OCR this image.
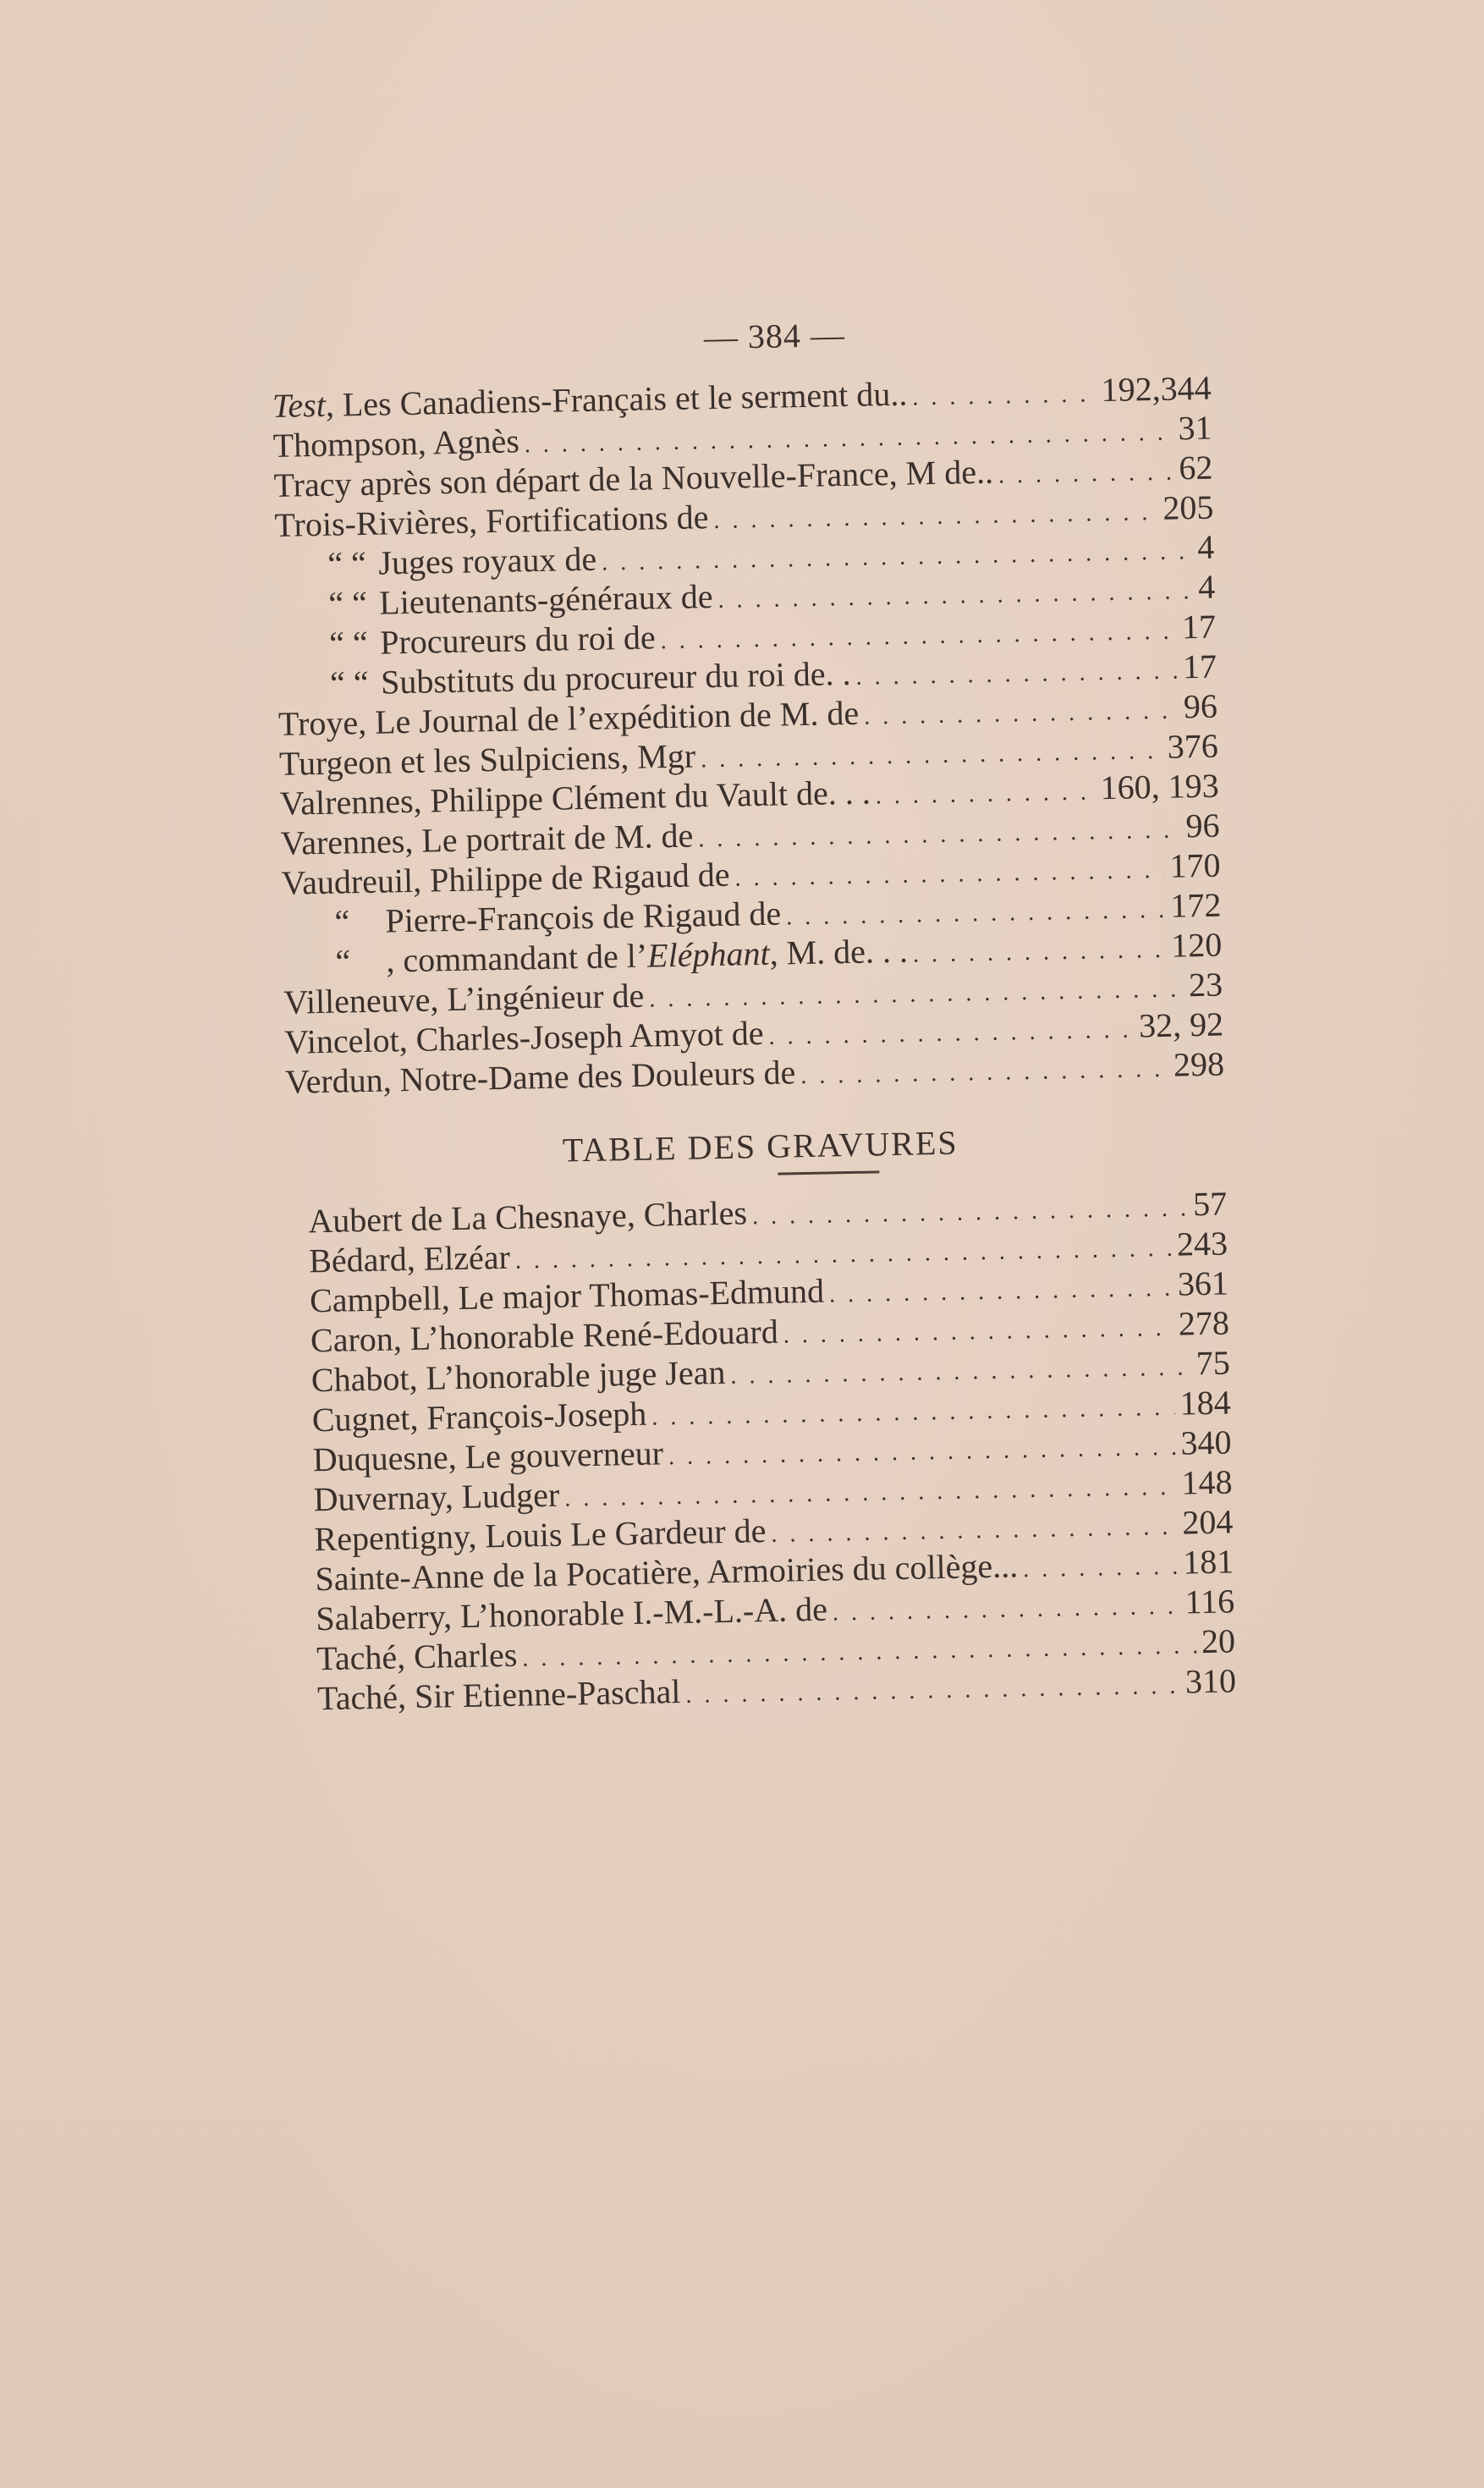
— 384 —
Test, Les Canadiens-Français et le serment du.. . . .	192,344
Thompson, Agnès . . .	31
Tracy après son départ de la Nouvelle-France, M de.. . . .	62
Trois-Rivières, Fortifications de . . .	205
“ “ Juges royaux de . . .	4
“ “ Lieutenants-généraux de . . .	4
“ “ Procureurs du roi de . . .	17
“ “ Substituts du procureur du roi de. . . . .	17
Troye, Le Journal de l’expédition de M. de . . .	96
Turgeon et les Sulpiciens, Mgr . . .	376
Valrennes, Philippe Clément du Vault de. . . . . .	160, 193
Varennes, Le portrait de M. de . . .	96
Vaudreuil, Philippe de Rigaud de . . .	170
“ Pierre-François de Rigaud de . . .	172
“ , commandant de l’Eléphant, M. de. . . . . .	120
Villeneuve, L’ingénieur de . . .	23
Vincelot, Charles-Joseph Amyot de . . .	32, 92
Verdun, Notre-Dame des Douleurs de . . .	298
TABLE DES GRAVURES
Aubert de La Chesnaye, Charles . . .	57
Bédard, Elzéar . . .	243
Campbell, Le major Thomas-Edmund . . .	361
Caron, L’honorable René-Edouard . . .	278
Chabot, L’honorable juge Jean . . .	75
Cugnet, François-Joseph . . .	184
Duquesne, Le gouverneur . . .	340
Duvernay, Ludger . . .	148
Repentigny, Louis Le Gardeur de . . .	204
Sainte-Anne de la Pocatière, Armoiries du collège... . . .	181
Salaberry, L’honorable I.-M.-L.-A. de . . .	116
Taché, Charles . . .	20
Taché, Sir Etienne-Paschal . . .	310
